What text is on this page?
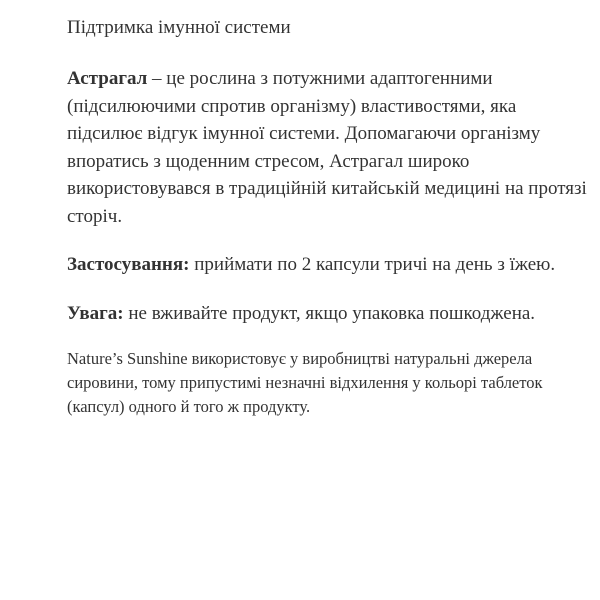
Підтримка імунної системи

Астрагал – це рослина з потужними адаптогенними (підсилюючими спротив організму) властивостями, яка підсилює відгук імунної системи. Допомагаючи організму впоратись з щоденним стресом, Астрагал широко використовувався в традиційній китайській медицині на протязі сторіч.

Застосування: приймати по 2 капсули тричі на день з їжею.

Увага: не вживайте продукт, якщо упаковка пошкоджена.

Nature’s Sunshine використовує у виробництві натуральні джерела сировини, тому припустимі незначні відхилення у кольорі таблеток (капсул) одного й того ж продукту.
